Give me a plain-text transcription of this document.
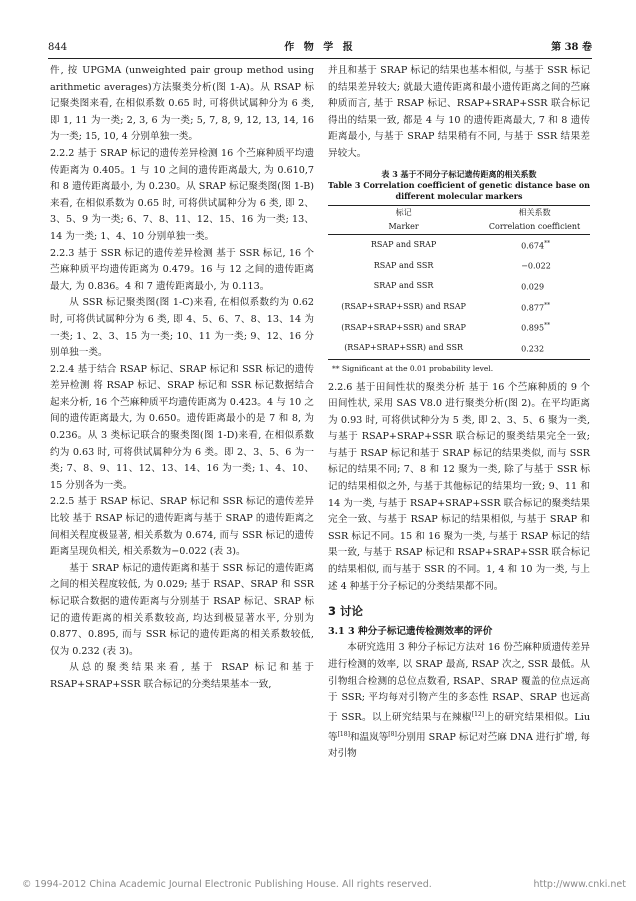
844	作 物 学 报	第 38 卷

件, 按 UPGMA (unweighted pair group method using arithmetic averages)方法聚类分析(图 1-A)。从 RSAP 标记聚类图来看, 在相似系数 0.65 时, 可将供试属种分为 6 类, 即 1, 11 为一类; 2, 3, 6 为一类; 5, 7, 8, 9, 12, 13, 14, 16 为一类; 15, 10, 4 分别单独一类。

2.2.2 基于 SRAP 标记的遗传差异检测 16 个苎麻种质平均遗传距离为 0.405。1 与 10 之间的遗传距离最大, 为 0.610,7 和 8 遗传距离最小, 为 0.230。从 SRAP 标记聚类图(图 1-B)来看, 在相似系数为 0.65 时, 可将供试属种分为 6 类, 即 2、3、5、9 为一类; 6、7、8、11、12、15、16 为一类; 13、14 为一类; 1、4、10 分别单独一类。

2.2.3 基于 SSR 标记的遗传差异检测 基于 SSR 标记, 16 个苎麻种质平均遗传距离为 0.479。16 与 12 之间的遗传距离最大, 为 0.836。4 和 7 遗传距离最小, 为 0.113。

从 SSR 标记聚类图(图 1-C)来看, 在相似系数约为 0.62 时, 可将供试属种分为 6 类, 即 4、5、6、7、8、13、14 为一类; 1、2、3、15 为一类; 10、11 为一类; 9、12、16 分别单独一类。

2.2.4 基于结合 RSAP 标记、SRAP 标记和 SSR 标记的遗传差异检测 将 RSAP 标记、SRAP 标记和 SSR 标记数据结合起来分析, 16 个苎麻种质平均遗传距离为 0.423。4 与 10 之间的遗传距离最大, 为 0.650。遗传距离最小的是 7 和 8, 为 0.236。从 3 类标记联合的聚类图(图 1-D)来看, 在相似系数约为 0.63 时, 可将供试属种分为 6 类。即 2、3、5、6 为一类; 7、8、9、11、12、13、14、16 为一类; 1、4、10、15 分别各为一类。

2.2.5 基于 RSAP 标记、SRAP 标记和 SSR 标记的遗传差异比较 基于 RSAP 标记的遗传距离与基于 SRAP 的遗传距离之间相关程度极显著, 相关系数为 0.674, 而与 SSR 标记的遗传距离呈现负相关, 相关系数为−0.022 (表 3)。

基于 SRAP 标记的遗传距离和基于 SSR 标记的遗传距离之间的相关程度较低, 为 0.029; 基于 RSAP、SRAP 和 SSR 标记联合数据的遗传距离与分别基于 RSAP 标记、SRAP 标记的遗传距离的相关系数较高, 均达到极显著水平, 分别为 0.877、0.895, 而与 SSR 标记的遗传距离的相关系数较低, 仅为 0.232 (表 3)。

从总的聚类结果来看, 基于 RSAP 标记和基于 RSAP+SRAP+SSR 联合标记的分类结果基本一致,

并且和基于 SRAP 标记的结果也基本相似, 与基于 SSR 标记的结果差异较大; 就最大遗传距离和最小遗传距离之间的苎麻种质而言, 基于 RSAP 标记、RSAP+SRAP+SSR 联合标记得出的结果一致, 都是 4 与 10 的遗传距离最大, 7 和 8 遗传距离最小, 与基于 SRAP 结果稍有不同, 与基于 SSR 结果差异较大。

表 3 基于不同分子标记遗传距离的相关系数
Table 3 Correlation coefficient of genetic distance base on different molecular markers
标记	相关系数
Marker	Correlation coefficient
RSAP and SRAP	0.674**
RSAP and SSR	−0.022
SRAP and SSR	0.029
(RSAP+SRAP+SSR) and RSAP	0.877**
(RSAP+SRAP+SSR) and SRAP	0.895**
(RSAP+SRAP+SSR) and SSR	0.232
** Significant at the 0.01 probability level.

2.2.6 基于田间性状的聚类分析 基于 16 个苎麻种质的 9 个田间性状, 采用 SAS V8.0 进行聚类分析(图 2)。在平均距离为 0.93 时, 可将供试种分为 5 类, 即 2、3、5、6 聚为一类, 与基于 RSAP+SRAP+SSR 联合标记的聚类结果完全一致; 与基于 RSAP 标记和基于 SRAP 标记的结果类似, 而与 SSR 标记的结果不同; 7、8 和 12 聚为一类, 除了与基于 SSR 标记的结果相似之外, 与基于其他标记的结果均一致; 9、11 和 14 为一类, 与基于 RSAP+SRAP+SSR 联合标记的聚类结果完全一致、与基于 RSAP 标记的结果相似, 与基于 SRAP 和 SSR 标记不同。15 和 16 聚为一类, 与基于 RSAP 标记的结果一致, 与基于 RSAP 标记和 RSAP+SRAP+SSR 联合标记的结果相似, 而与基于 SSR 的不同。1, 4 和 10 为一类, 与上述 4 种基于分子标记的分类结果都不同。

3 讨论

3.1 3 种分子标记遗传检测效率的评价

本研究选用 3 种分子标记方法对 16 份苎麻种质遗传差异进行检测的效率, 以 SRAP 最高, RSAP 次之, SSR 最低。从引物组合检测的总位点数看, RSAP、SRAP 覆盖的位点远高于 SSR; 平均每对引物产生的多态性 RSAP、SRAP 也远高于 SSR。以上研究结果与在辣椒[12]上的研究结果相似。Liu 等[18]和温岚等[8]分别用 SRAP 标记对苎麻 DNA 进行扩增, 每对引物

© 1994-2012 China Academic Journal Electronic Publishing House. All rights reserved.	http://www.cnki.net
